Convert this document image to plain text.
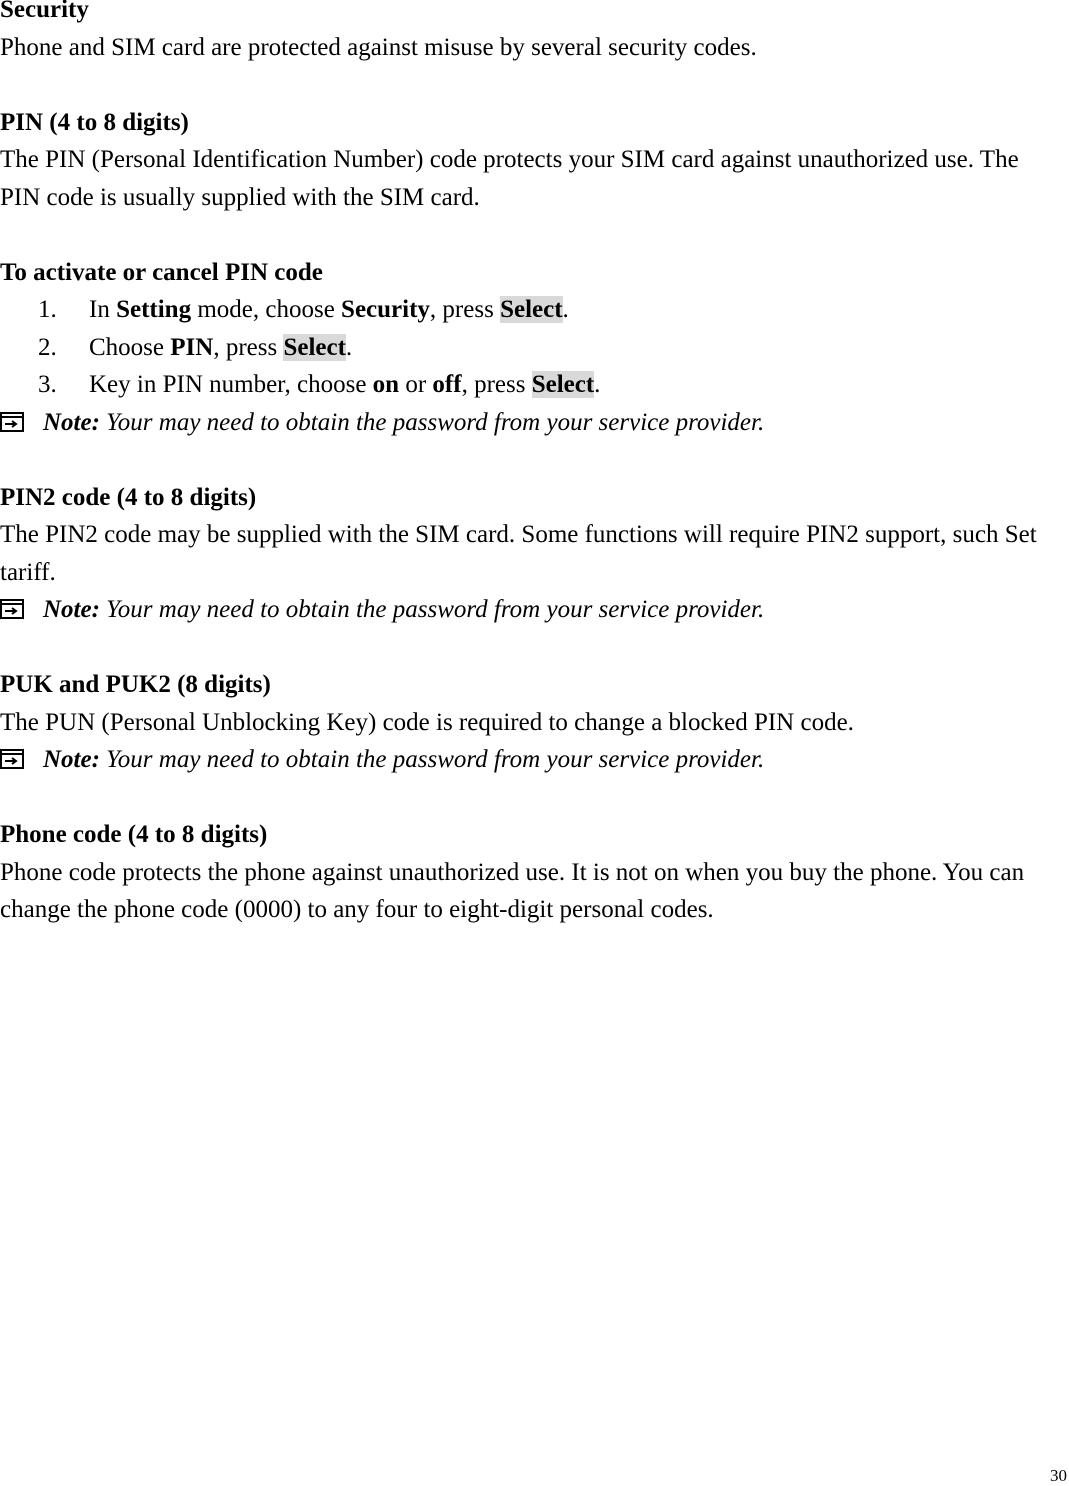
Security

Phone and SIM card are protected against misuse by several security codes.

PIN (4 to 8 digits)

The PIN (Personal Identification Number) code protects your SIM card against unauthorized use. The PIN code is usually supplied with the SIM card.

To activate or cancel PIN code

1. In Setting mode, choose Security, press Select.
2. Choose PIN, press Select.
3. Key in PIN number, choose on or off, press Select.

Note: Your may need to obtain the password from your service provider.

PIN2 code (4 to 8 digits)

The PIN2 code may be supplied with the SIM card. Some functions will require PIN2 support, such Set tariff.

Note: Your may need to obtain the password from your service provider.

PUK and PUK2 (8 digits)

The PUN (Personal Unblocking Key) code is required to change a blocked PIN code.

Note: Your may need to obtain the password from your service provider.

Phone code (4 to 8 digits)

Phone code protects the phone against unauthorized use. It is not on when you buy the phone. You can change the phone code (0000) to any four to eight-digit personal codes.

30
